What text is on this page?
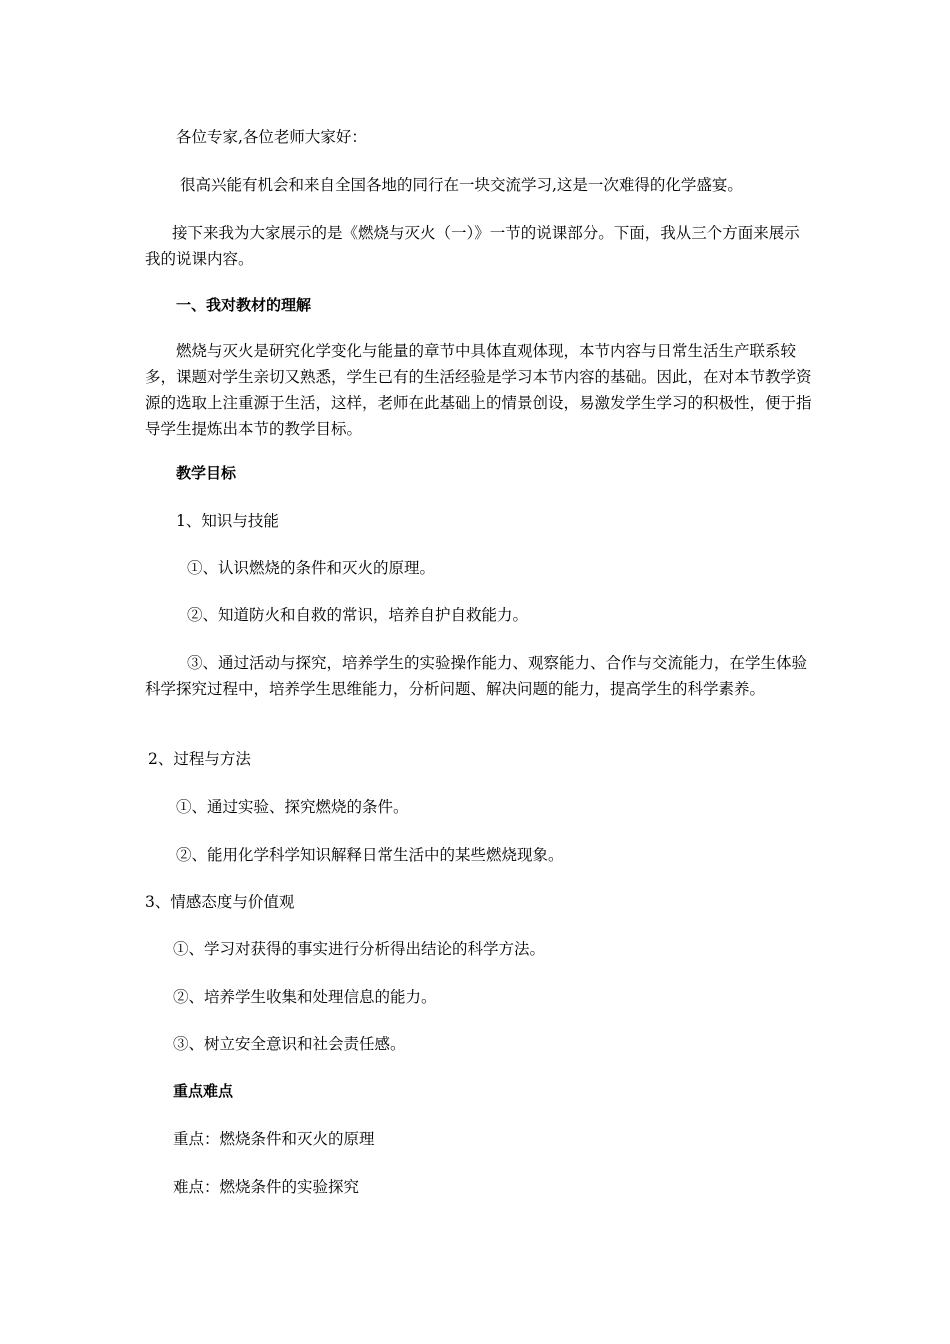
各位专家,各位老师大家好：

很高兴能有机会和来自全国各地的同行在一块交流学习,这是一次难得的化学盛宴。

接下来我为大家展示的是《燃烧与灭火（一）》一节的说课部分。下面，我从三个方面来展示我的说课内容。

一、我对教材的理解

燃烧与灭火是研究化学变化与能量的章节中具体直观体现，本节内容与日常生活生产联系较多，课题对学生亲切又熟悉，学生已有的生活经验是学习本节内容的基础。因此，在对本节教学资源的选取上注重源于生活，这样，老师在此基础上的情景创设，易激发学生学习的积极性，便于指导学生提炼出本节的教学目标。

教学目标

1、知识与技能

①、认识燃烧的条件和灭火的原理。

②、知道防火和自救的常识，培养自护自救能力。

③、通过活动与探究，培养学生的实验操作能力、观察能力、合作与交流能力，在学生体验科学探究过程中，培养学生思维能力，分析问题、解决问题的能力，提高学生的科学素养。

2、过程与方法

①、通过实验、探究燃烧的条件。

②、能用化学科学知识解释日常生活中的某些燃烧现象。

3、情感态度与价值观

①、学习对获得的事实进行分析得出结论的科学方法。

②、培养学生收集和处理信息的能力。

③、树立安全意识和社会责任感。

重点难点

重点：燃烧条件和灭火的原理

难点：燃烧条件的实验探究
